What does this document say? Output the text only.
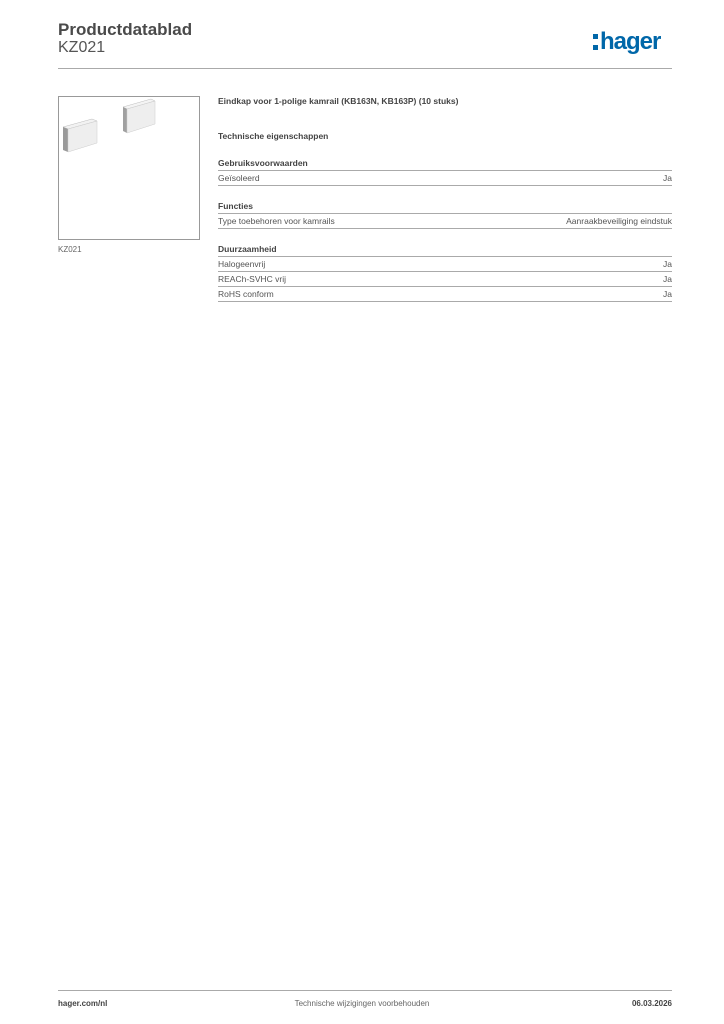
Productdatablad
KZ021	hager
KZ021
Eindkap voor 1-polige kamrail (KB163N, KB163P) (10 stuks)
Technische eigenschappen
Gebruiksvoorwaarden
Geïsoleerd	Ja
Functies
Type toebehoren voor kamrails	Aanraakbeveiliging eindstuk
Duurzaamheid
Halogeenvrij	Ja
REACh-SVHC vrij	Ja
RoHS conform	Ja
Technische wijzigingen voorbehouden
hager.com/nl	06.03.2026
